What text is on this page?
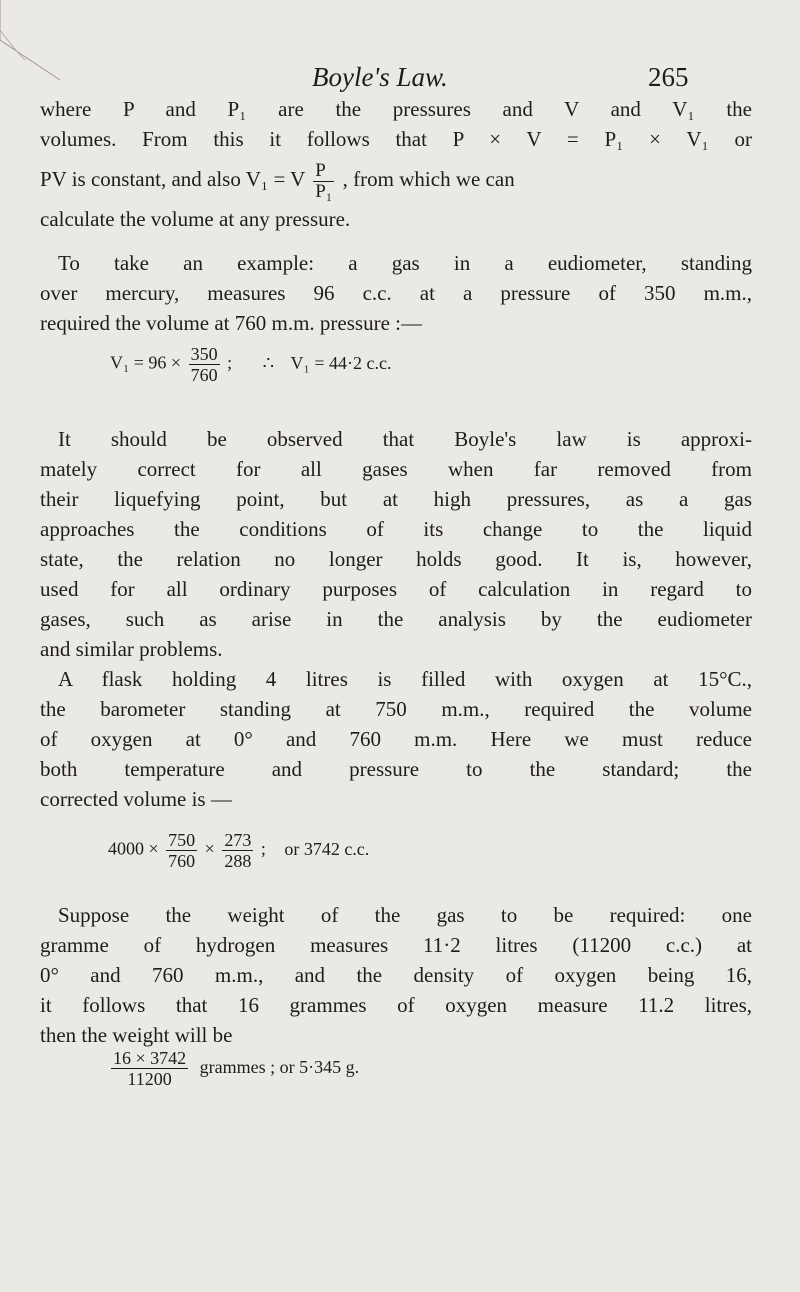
Boyle's Law.	265
where P and P₁ are the pressures and V and V₁ the
volumes. From this it follows that P × V = P₁ × V₁ or
PV is constant, and also V₁ = V $\frac{P}{\text{P₁}}$ , from which we can
calculate the volume at any pressure.
To take an example: a gas in a eudiometer, standing
over mercury, measures 96 c.c. at a pressure of 350 m.m.,
required the volume at 760 m.m. pressure :—
$V_1 = 96 \times \frac{350}{760}$ ; ∴ V₁ = 44·2 c.c.
It should be observed that Boyle's law is approxi-
mately correct for all gases when far removed from
their liquefying point, but at high pressures, as a gas
approaches the conditions of its change to the liquid
state, the relation no longer holds good. It is, however,
used for all ordinary purposes of calculation in regard to
gases, such as arise in the analysis by the eudiometer
and similar problems.
A flask holding 4 litres is filled with oxygen at 15°C.,
the barometer standing at 750 m.m., required the volume
of oxygen at 0° and 760 m.m. Here we must reduce
both temperature and pressure to the standard; the
corrected volume is —
$4000 \times \frac{750}{760} \times \frac{273}{288}$ ; or 3742 c.c.
Suppose the weight of the gas to be required: one
gramme of hydrogen measures 11·2 litres (11200 c.c.) at
0° and 760 m.m., and the density of oxygen being 16,
it follows that 16 grammes of oxygen measure 11.2 litres,
then the weight will be
$\frac{16 \times 3742}{11200}$ grammes ; or 5·345 g.
